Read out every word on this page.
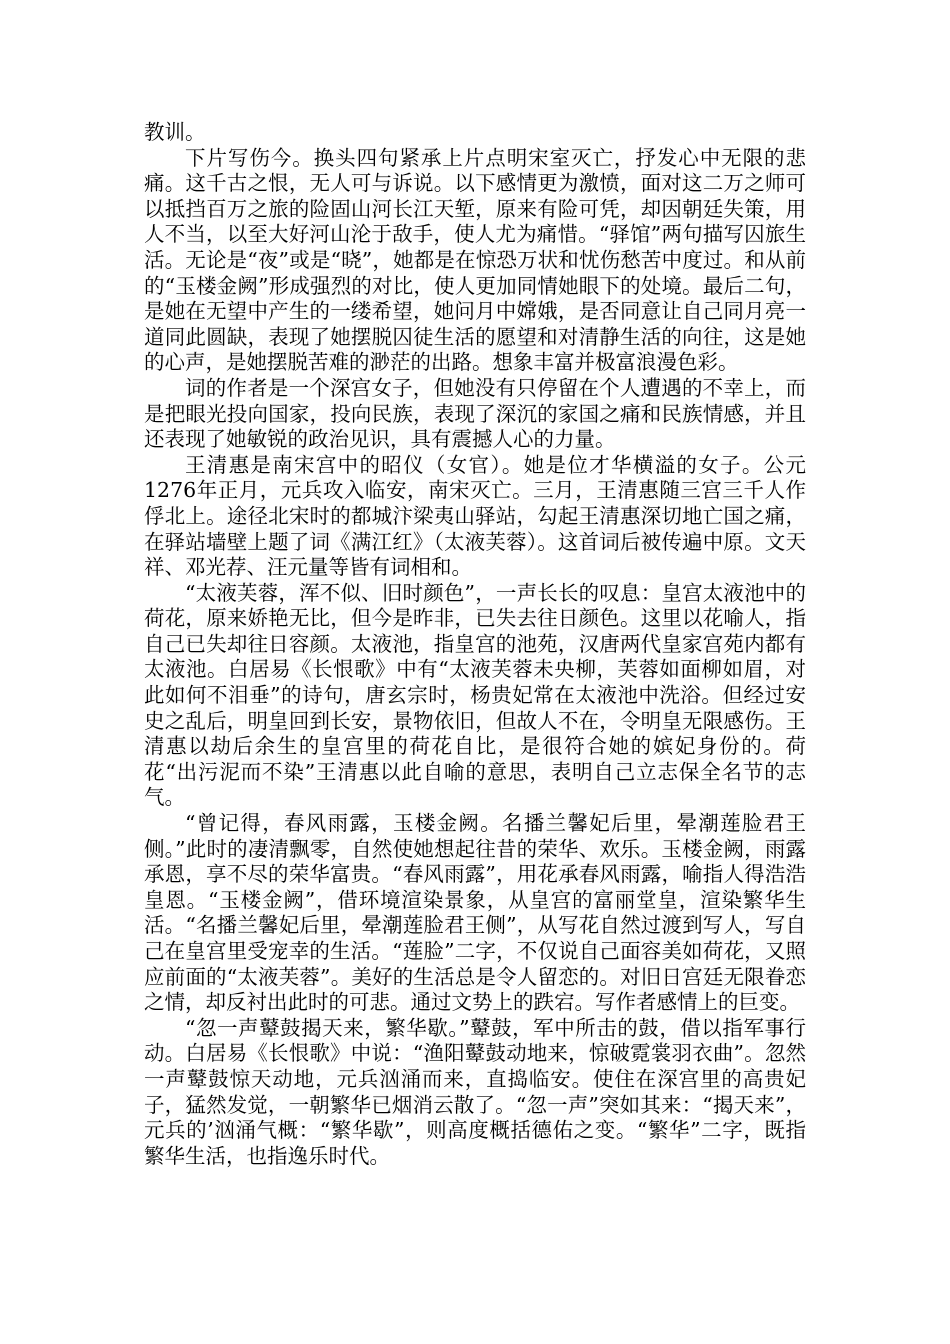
教训。

下片写伤今。换头四句紧承上片点明宋室灭亡，抒发心中无限的悲痛。这千古之恨，无人可与诉说。以下感情更为激愤，面对这二万之师可以抵挡百万之旅的险固山河长江天堑，原来有险可凭，却因朝廷失策，用人不当，以至大好河山沦于敌手，使人尤为痛惜。“驿馆”两句描写囚旅生活。无论是“夜”或是“晓”，她都是在惊恐万状和忧伤愁苦中度过。和从前的“玉楼金阙”形成强烈的对比，使人更加同情她眼下的处境。最后二句，是她在无望中产生的一缕希望，她问月中嫦娥，是否同意让自己同月亮一道同此圆缺，表现了她摆脱囚徒生活的愿望和对清静生活的向往，这是她的心声，是她摆脱苦难的渺茫的出路。想象丰富并极富浪漫色彩。

词的作者是一个深宫女子，但她没有只停留在个人遭遇的不幸上，而是把眼光投向国家，投向民族，表现了深沉的家国之痛和民族情感，并且还表现了她敏锐的政治见识，具有震撼人心的力量。

王清惠是南宋宫中的昭仪（女官）。她是位才华横溢的女子。公元1276年正月，元兵攻入临安，南宋灭亡。三月，王清惠随三宫三千人作俘北上。途径北宋时的都城汴梁夷山驿站，勾起王清惠深切地亡国之痛，在驿站墙壁上题了词《满江红》（太液芙蓉）。这首词后被传遍中原。文天祥、邓光荐、汪元量等皆有词相和。

“太液芙蓉，浑不似、旧时颜色”，一声长长的叹息：皇宫太液池中的荷花，原来娇艳无比，但今是昨非，已失去往日颜色。这里以花喻人，指自己已失却往日容颜。太液池，指皇宫的池苑，汉唐两代皇家宫苑内都有太液池。白居易《长恨歌》中有“太液芙蓉未央柳，芙蓉如面柳如眉，对此如何不泪垂”的诗句，唐玄宗时，杨贵妃常在太液池中洗浴。但经过安史之乱后，明皇回到长安，景物依旧，但故人不在，令明皇无限感伤。王清惠以劫后余生的皇宫里的荷花自比，是很符合她的嫔妃身份的。荷花“出污泥而不染”王清惠以此自喻的意思，表明自己立志保全名节的志气。

“曾记得，春风雨露，玉楼金阙。名播兰馨妃后里，晕潮莲脸君王侧。”此时的凄清飘零，自然使她想起往昔的荣华、欢乐。玉楼金阙，雨露承恩，享不尽的荣华富贵。“春风雨露”，用花承春风雨露，喻指人得浩浩皇恩。“玉楼金阙”，借环境渲染景象，从皇宫的富丽堂皇，渲染繁华生活。“名播兰馨妃后里，晕潮莲脸君王侧”，从写花自然过渡到写人，写自己在皇宫里受宠幸的生活。“莲脸”二字，不仅说自己面容美如荷花，又照应前面的“太液芙蓉”。美好的生活总是令人留恋的。对旧日宫廷无限眷恋之情，却反衬出此时的可悲。通过文势上的跌宕。写作者感情上的巨变。

“忽一声鼙鼓揭天来，繁华歇。”鼙鼓，军中所击的鼓，借以指军事行动。白居易《长恨歌》中说：“渔阳鼙鼓动地来，惊破霓裳羽衣曲”。忽然一声鼙鼓惊天动地，元兵汹涌而来，直捣临安。使住在深宫里的高贵妃子，猛然发觉，一朝繁华已烟消云散了。“忽一声”突如其来：“揭天来”，元兵的’汹涌气概：“繁华歇”，则高度概括德佑之变。“繁华”二字，既指繁华生活，也指逸乐时代。
